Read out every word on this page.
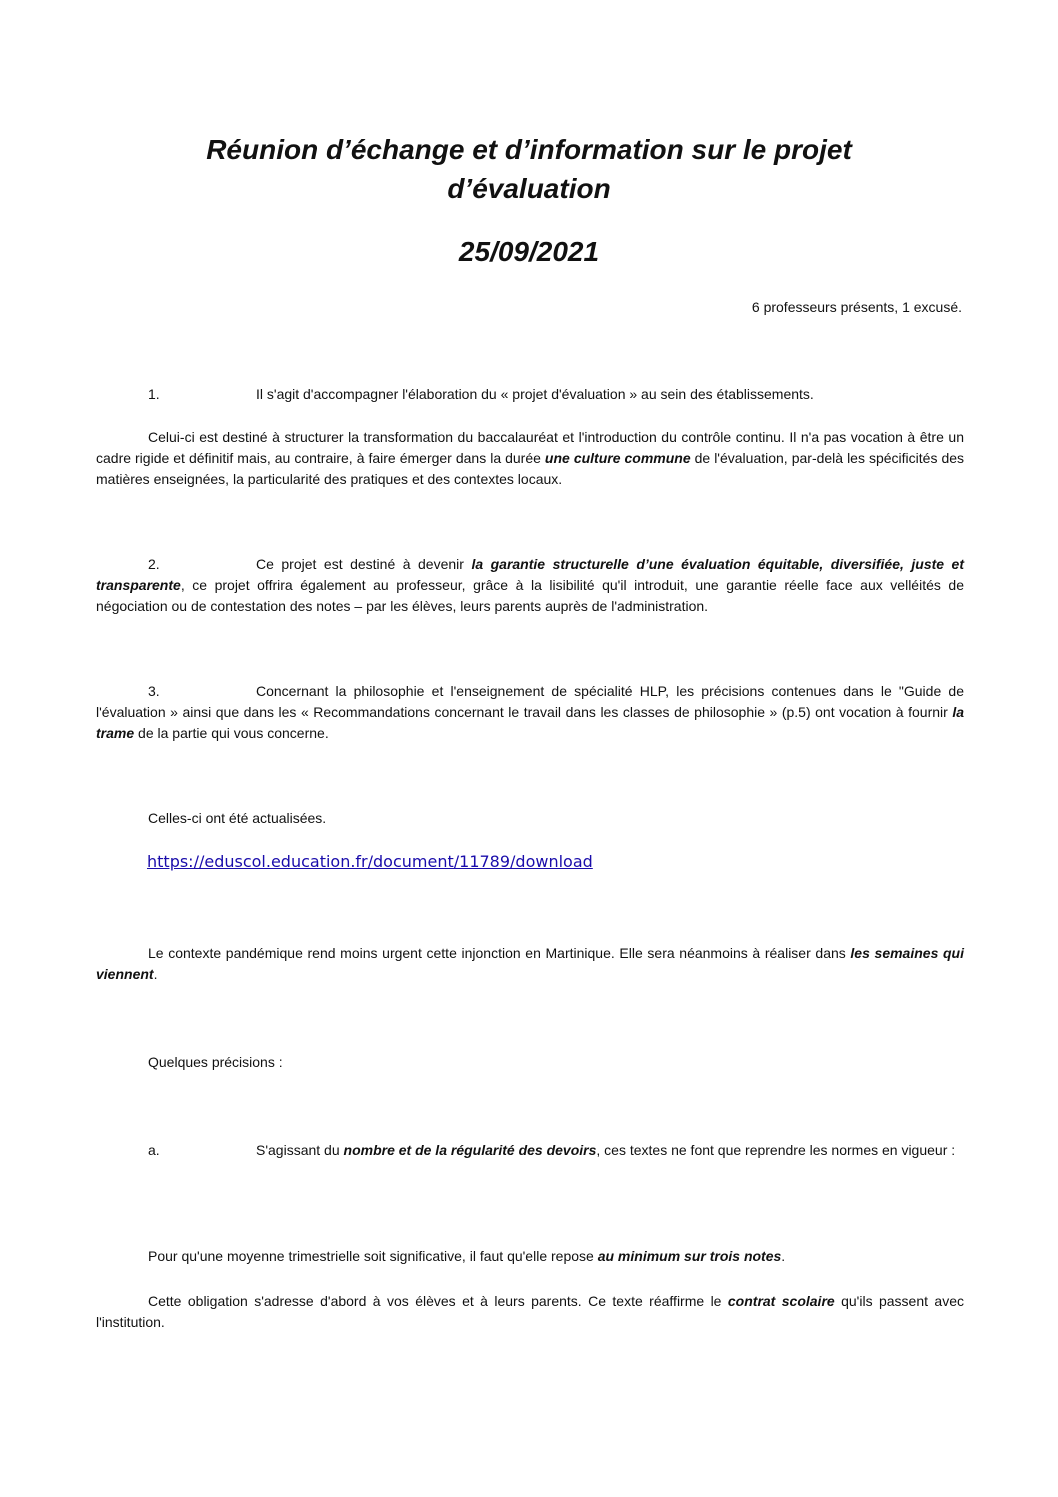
Réunion d’échange et d’information sur le projet
d’évaluation
25/09/2021

6 professeurs présents, 1 excusé.

1.	Il s'agit d'accompagner l'élaboration du « projet d'évaluation » au sein des établissements.

Celui-ci est destiné à structurer la transformation du baccalauréat et l'introduction du contrôle continu. Il n'a pas vocation à être un cadre rigide et définitif mais, au contraire, à faire émerger dans la durée une culture commune de l'évaluation, par-delà les spécificités des matières enseignées, la particularité des pratiques et des contextes locaux.

2.	Ce projet est destiné à devenir la garantie structurelle d’une évaluation équitable, diversifiée, juste et transparente, ce projet offrira également au professeur, grâce à la lisibilité qu'il introduit, une garantie réelle face aux velléités de négociation ou de contestation des notes – par les élèves, leurs parents auprès de l'administration.

3.	Concernant la philosophie et l'enseignement de spécialité HLP, les précisions contenues dans le "Guide de l'évaluation » ainsi que dans les « Recommandations concernant le travail dans les classes de philosophie » (p.5) ont vocation à fournir la trame de la partie qui vous concerne.

Celles-ci ont été actualisées.

https://eduscol.education.fr/document/11789/download

Le contexte pandémique rend moins urgent cette injonction en Martinique. Elle sera néanmoins à réaliser dans les semaines qui viennent.

Quelques précisions :

a.	S'agissant du nombre et de la régularité des devoirs, ces textes ne font que reprendre les normes en vigueur :

Pour qu'une moyenne trimestrielle soit significative, il faut qu'elle repose au minimum sur trois notes.

Cette obligation s'adresse d'abord à vos élèves et à leurs parents. Ce texte réaffirme le contrat scolaire qu'ils passent avec l'institution.
